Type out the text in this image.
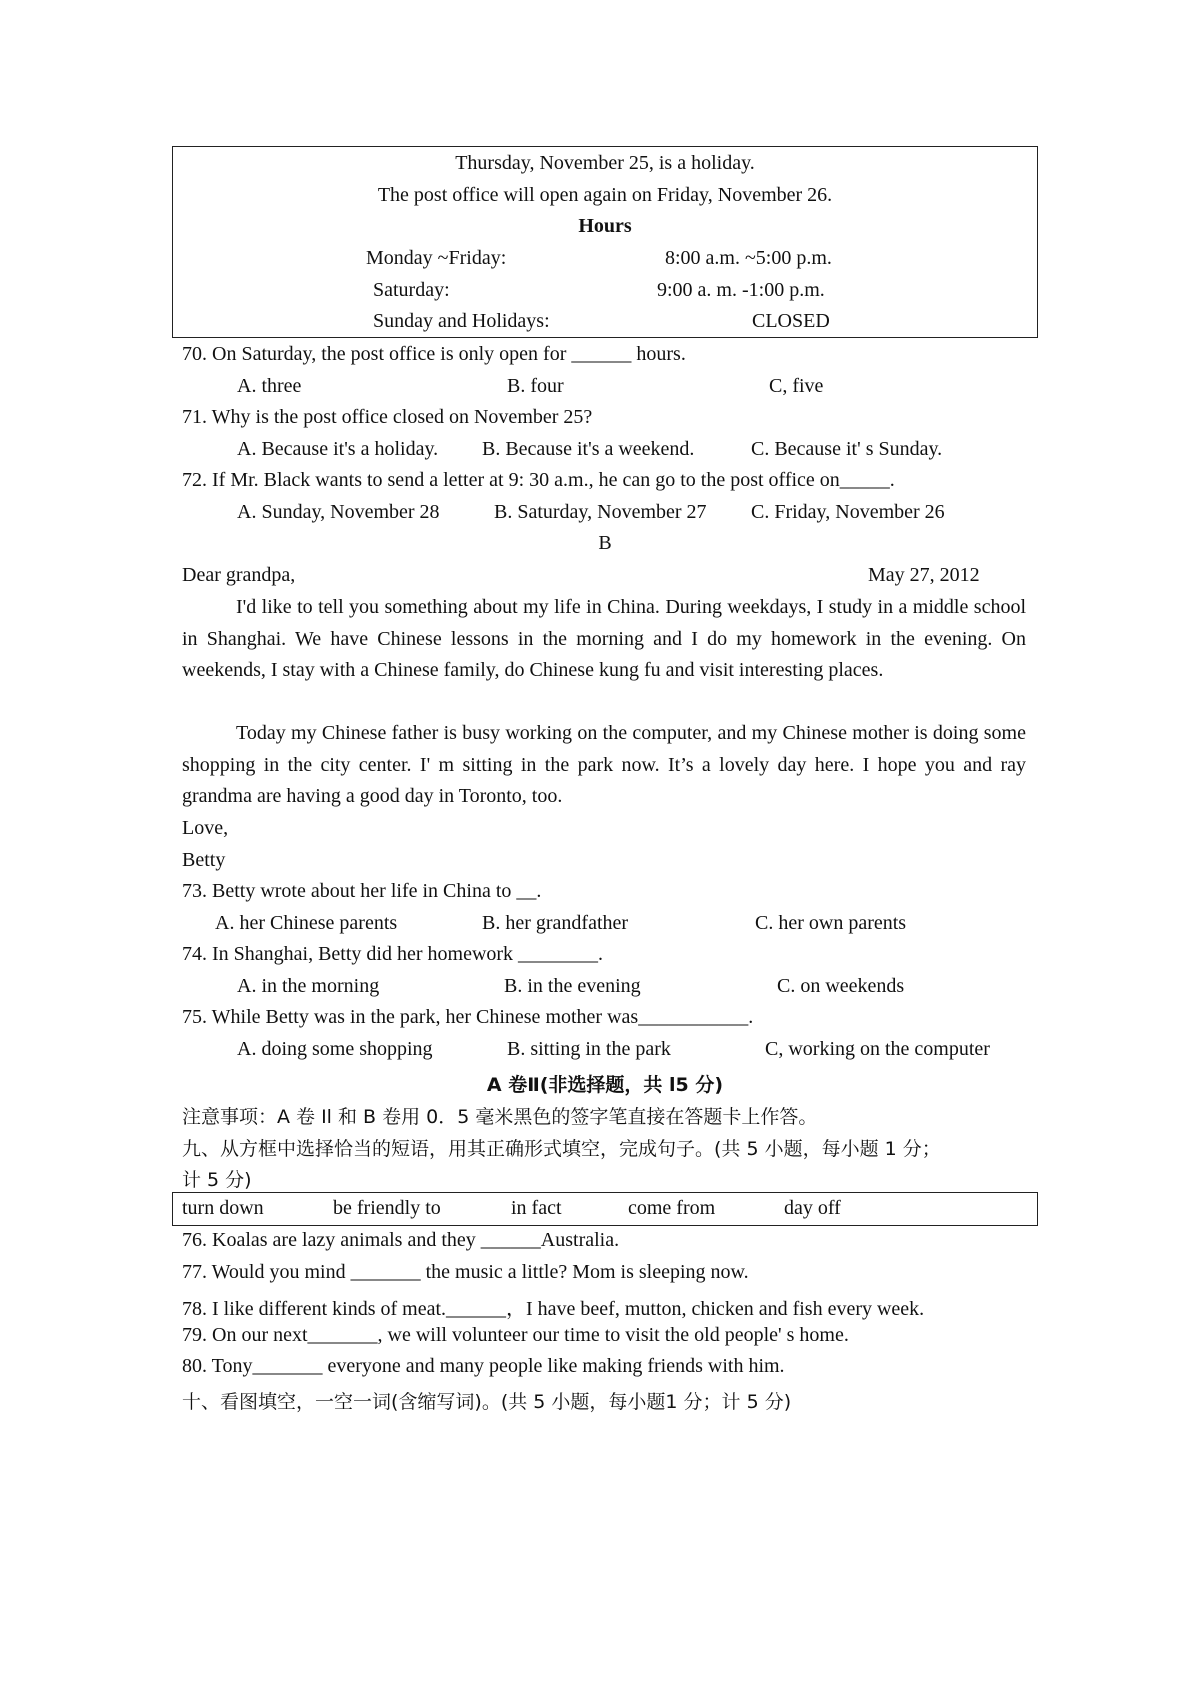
Thursday, November 25, is a holiday.
The post office will open again on Friday, November 26.
Hours
Monday ~Friday:	8:00 a.m. ~5:00 p.m.
Saturday:	9:00 a. m. -1:00 p.m.
Sunday and Holidays:	CLOSED
70. On Saturday, the post office is only open for ______ hours.
A. three	B. four	C, five
71. Why is the post office closed on November 25?
A. Because it's a holiday. B. Because it's a weekend.	C. Because it' s Sunday.
72. If Mr. Black wants to send a letter at 9: 30 a.m., he can go to the post office on_____.
A. Sunday, November 28	B. Saturday, November 27 C. Friday, November 26
B
Dear grandpa,	May 27, 2012
I'd like to tell you something about my life in China. During weekdays, I study in a middle school in Shanghai. We have Chinese lessons in the morning and I do my homework in the evening. On weekends, I stay with a Chinese family, do Chinese kung fu and visit interesting places.
Today my Chinese father is busy working on the computer, and my Chinese mother is doing some shopping in the city center. I' m sitting in the park now. It’s a lovely day here. I hope you and ray grandma are having a good day in Toronto, too.
Love,
Betty
73. Betty wrote about her life in China to __.
A. her Chinese parents	B. her grandfather	C. her own parents
74. In Shanghai, Betty did her homework ________.
A. in the morning	B. in the evening	C. on weekends
75. While Betty was in the park, her Chinese mother was___________.
A. doing some shopping	B. sitting in the park	C, working on the computer
A 卷Ⅱ(非选择题，共 l5 分)
注意事项：A 卷 Il 和 B 卷用 0．5 毫米黑色的签字笔直接在答题卡上作答。
九、从方框中选择恰当的短语，用其正确形式填空，完成句子。(共 5 小题，每小题 1 分；
计 5 分)
turn down	be friendly to	in fact	come from	day off
76. Koalas are lazy animals and they ______Australia.
77. Would you mind _______ the music a little? Mom is sleeping now.
78. I like different kinds of meat.______，I have beef, mutton, chicken and fish every week.
79. On our next_______, we will volunteer our time to visit the old people' s home.
80. Tony_______ everyone and many people like making friends with him.
十、看图填空，一空一词(含缩写词)。(共 5 小题，每小题1 分；计 5 分)
